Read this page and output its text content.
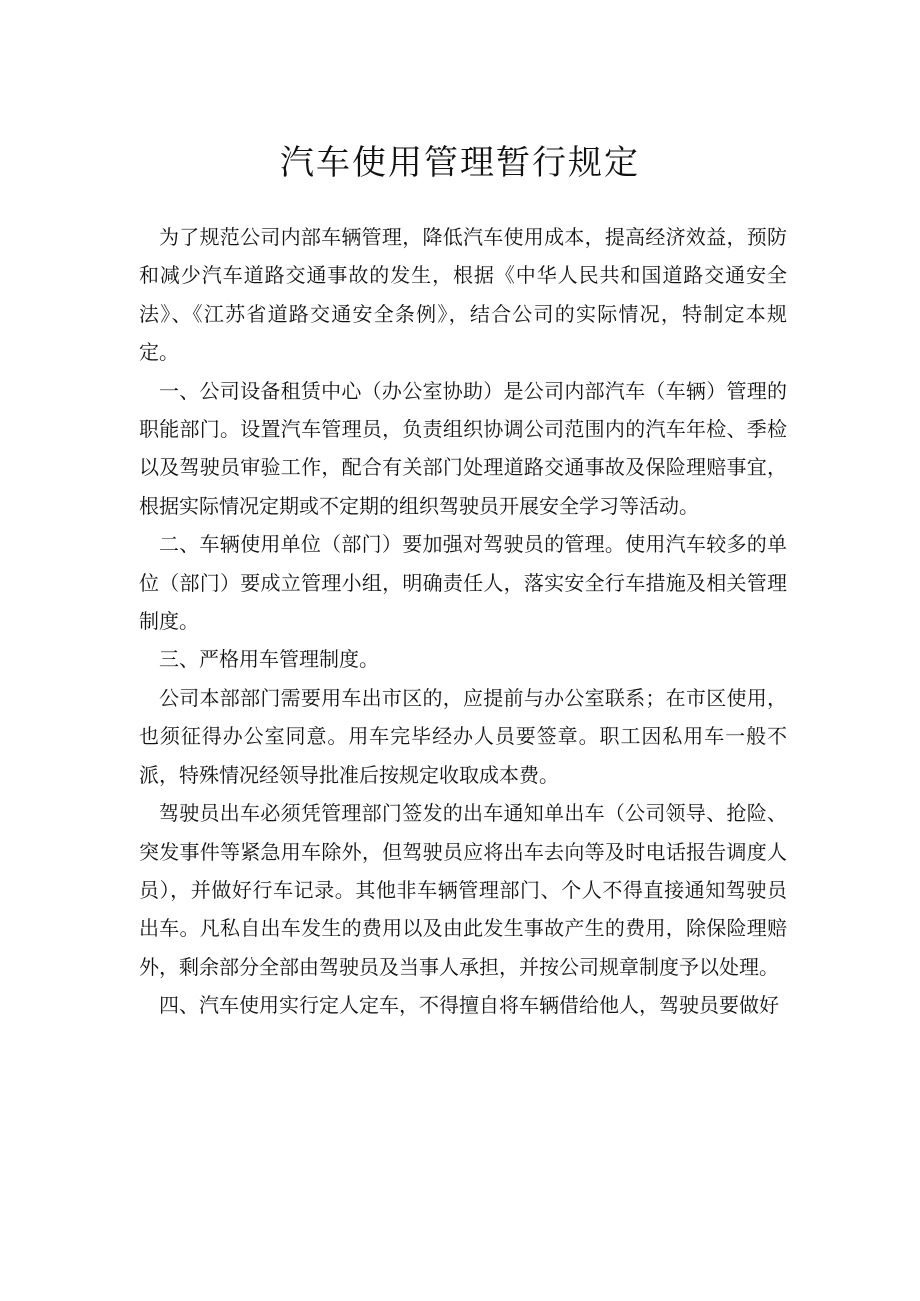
汽车使用管理暂行规定

为了规范公司内部车辆管理，降低汽车使用成本，提高经济效益，预防和减少汽车道路交通事故的发生，根据《中华人民共和国道路交通安全法》、《江苏省道路交通安全条例》，结合公司的实际情况，特制定本规定。

一、公司设备租赁中心（办公室协助）是公司内部汽车（车辆）管理的职能部门。设置汽车管理员，负责组织协调公司范围内的汽车年检、季检以及驾驶员审验工作，配合有关部门处理道路交通事故及保险理赔事宜，根据实际情况定期或不定期的组织驾驶员开展安全学习等活动。

二、车辆使用单位（部门）要加强对驾驶员的管理。使用汽车较多的单位（部门）要成立管理小组，明确责任人，落实安全行车措施及相关管理制度。

三、严格用车管理制度。

公司本部部门需要用车出市区的，应提前与办公室联系；在市区使用，也须征得办公室同意。用车完毕经办人员要签章。职工因私用车一般不派，特殊情况经领导批准后按规定收取成本费。

驾驶员出车必须凭管理部门签发的出车通知单出车（公司领导、抢险、突发事件等紧急用车除外，但驾驶员应将出车去向等及时电话报告调度人员），并做好行车记录。其他非车辆管理部门、个人不得直接通知驾驶员出车。凡私自出车发生的费用以及由此发生事故产生的费用，除保险理赔外，剩余部分全部由驾驶员及当事人承担，并按公司规章制度予以处理。

四、汽车使用实行定人定车，不得擅自将车辆借给他人，驾驶员要做好
